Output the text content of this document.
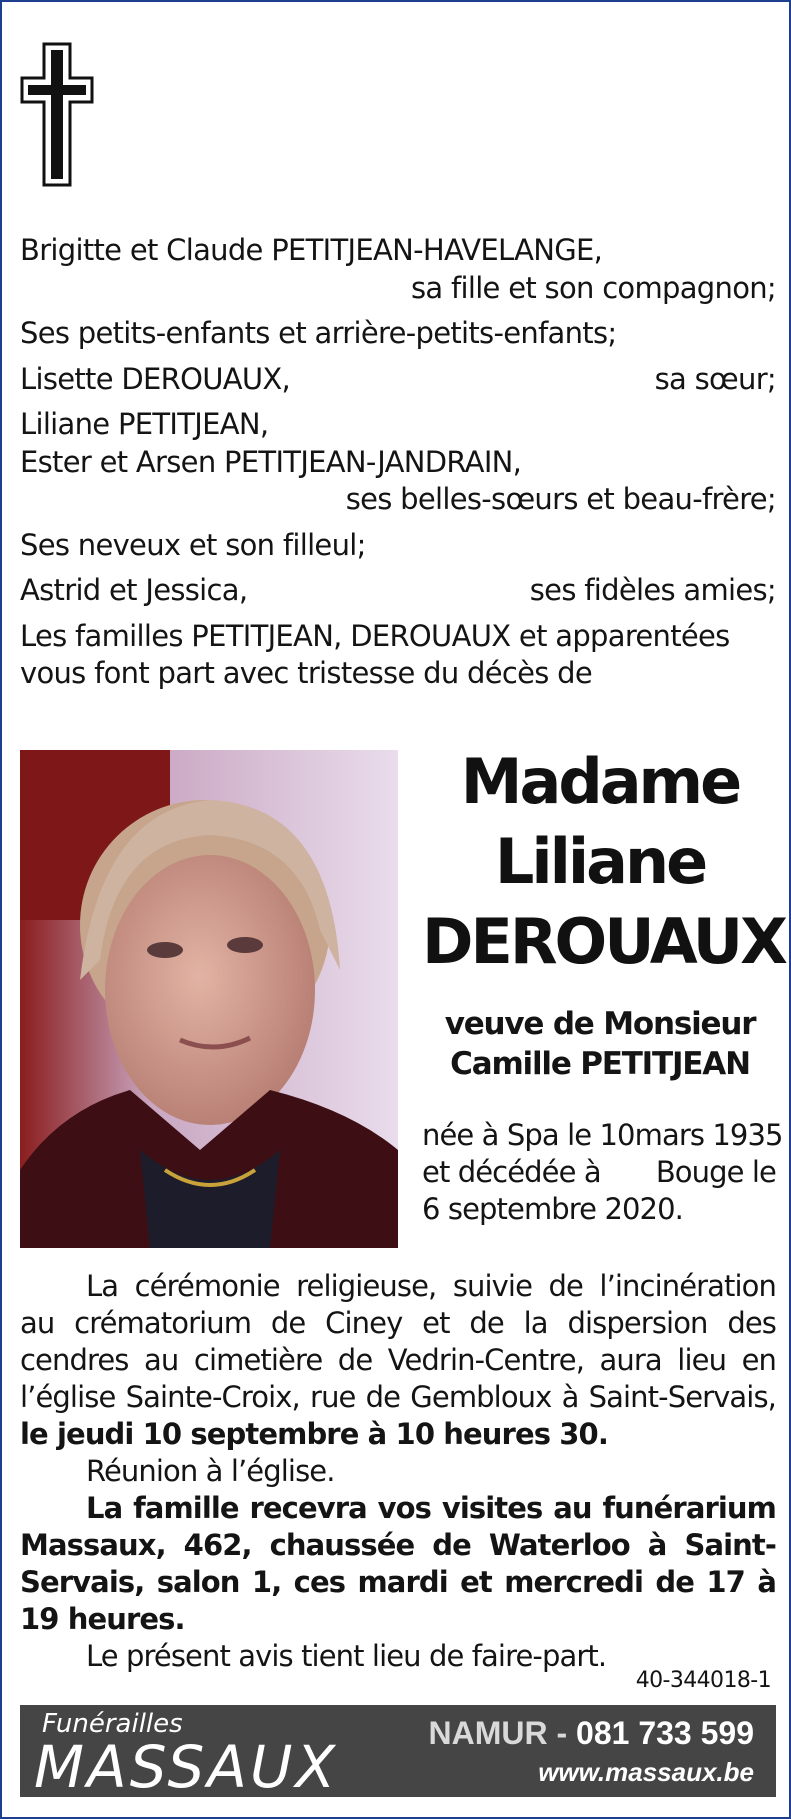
Brigitte et Claude PETITJEAN-HAVELANGE,
sa fille et son compagnon;
Ses petits-enfants et arrière-petits-enfants;
Lisette DEROUAUX,	sa sœur;
Liliane PETITJEAN,
Ester et Arsen PETITJEAN-JANDRAIN,
ses belles-sœurs et beau-frère;
Ses neveux et son filleul;
Astrid et Jessica,	ses fidèles amies;
Les familles PETITJEAN, DEROUAUX et apparentées
vous font part avec tristesse du décès de
Madame
Liliane
DEROUAUX
veuve de Monsieur
Camille PETITJEAN
née à Spa le 10 mars 1935
et décédée à Bouge le
6 septembre 2020.
La cérémonie religieuse, suivie de l’incinération au crématorium de Ciney et de la dispersion des cendres au cimetière de Vedrin-Centre, aura lieu en l’église Sainte-Croix, rue de Gembloux à Saint-Servais, le jeudi 10 septembre à 10 heures 30.
Réunion à l’église.
La famille recevra vos visites au funérarium Massaux, 462, chaussée de Waterloo à Saint-Servais, salon 1, ces mardi et mercredi de 17 à 19 heures.
Le présent avis tient lieu de faire-part.
40-344018-1
Funérailles
MASSAUX	NAMUR - 081 733 599
www.massaux.be
